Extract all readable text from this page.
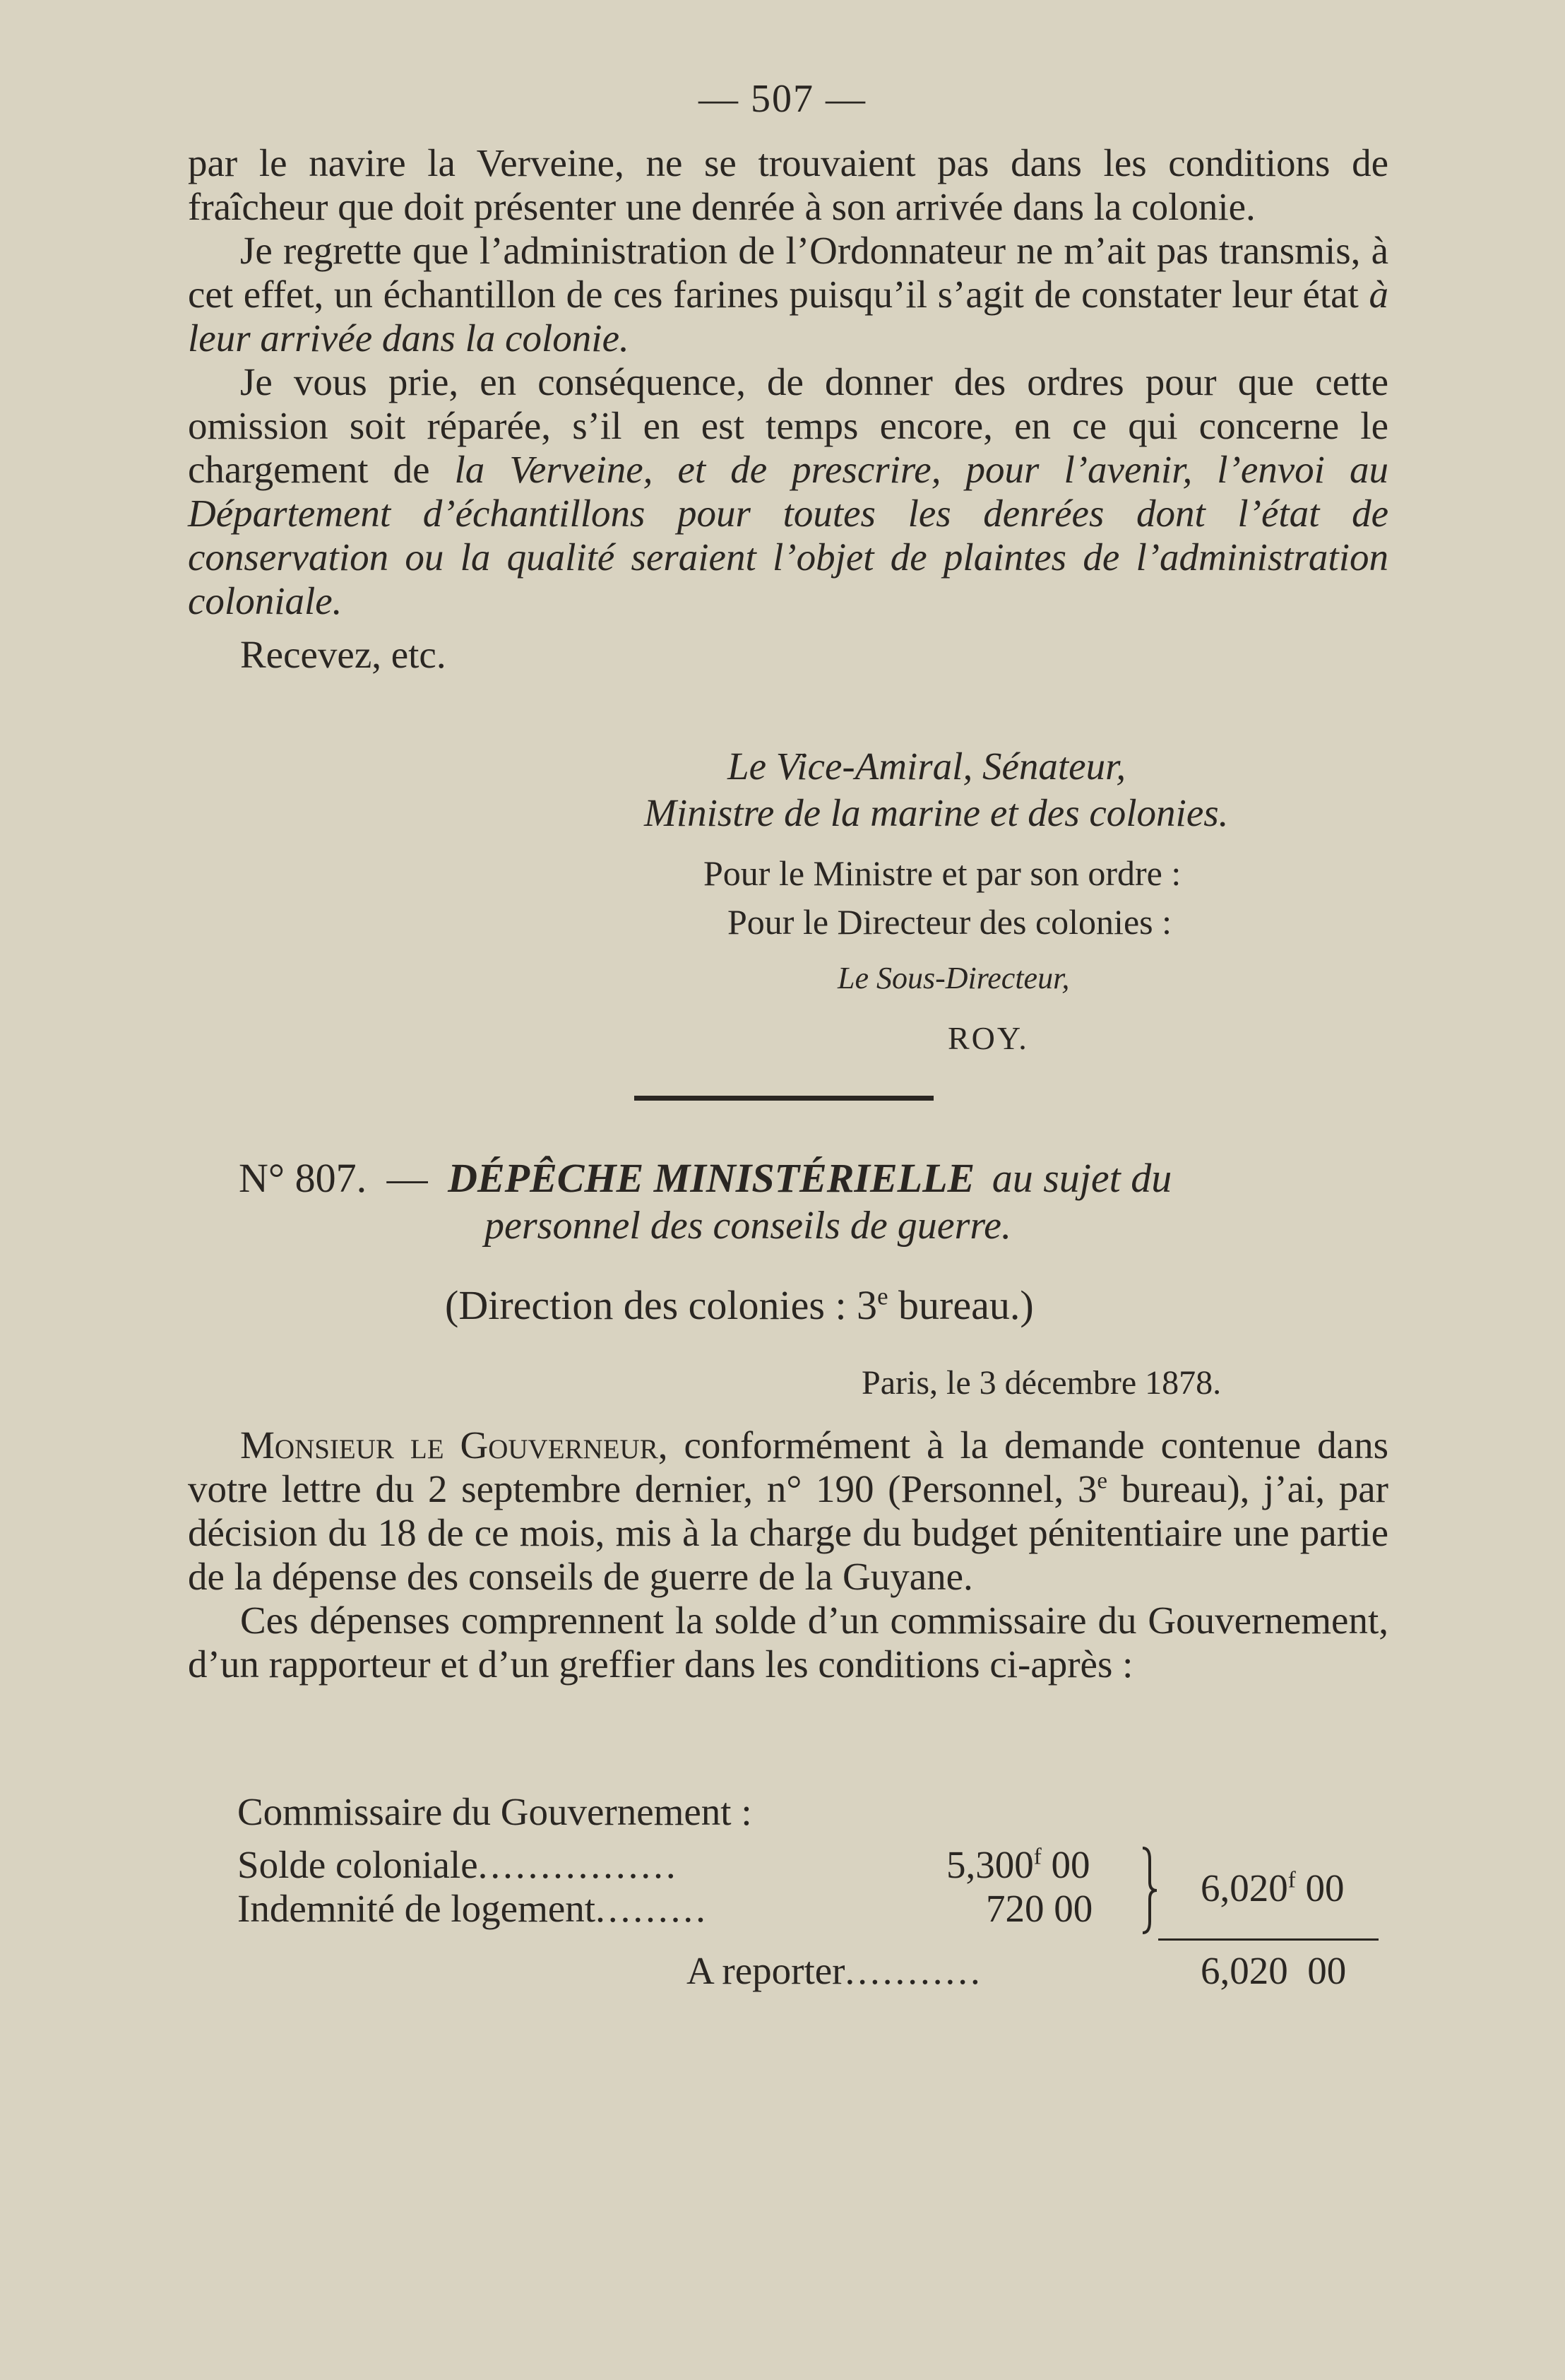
— 507 —

par le navire la Verveine, ne se trouvaient pas dans les conditions de fraîcheur que doit présenter une denrée à son arrivée dans la colonie.

Je regrette que l’administration de l’Ordonnateur ne m’ait pas transmis, à cet effet, un échantillon de ces farines puisqu’il s’agit de constater leur état à leur arrivée dans la colonie.

Je vous prie, en conséquence, de donner des ordres pour que cette omission soit réparée, s’il en est temps encore, en ce qui concerne le chargement de la Verveine, et de prescrire, pour l’avenir, l’envoi au Département d’échantillons pour toutes les denrées dont l’état de conservation ou la qualité seraient l’objet de plaintes de l’administration coloniale.

Recevez, etc.

Le Vice-Amiral, Sénateur,
Ministre de la marine et des colonies.
Pour le Ministre et par son ordre :
Pour le Directeur des colonies :
Le Sous-Directeur,
ROY.
N° 807. — DÉPÊCHE MINISTÉRIELLE au sujet du
personnel des conseils de guerre.
(Direction des colonies : 3e bureau.)
Paris, le 3 décembre 1878.

Monsieur le Gouverneur, conformément à la demande contenue dans votre lettre du 2 septembre dernier, n° 190 (Personnel, 3e bureau), j’ai, par décision du 18 de ce mois, mis à la charge du budget pénitentiaire une partie de la dépense des conseils de guerre de la Guyane.

Ces dépenses comprennent la solde d’un commissaire du Gouvernement, d’un rapporteur et d’un greffier dans les conditions ci-après :

Commissaire du Gouvernement :
Solde coloniale................	5,300$^f$ 00
Indemnité de logement.........	720 00	6,020$^f$ 00
A reporter...........	6,020  00
